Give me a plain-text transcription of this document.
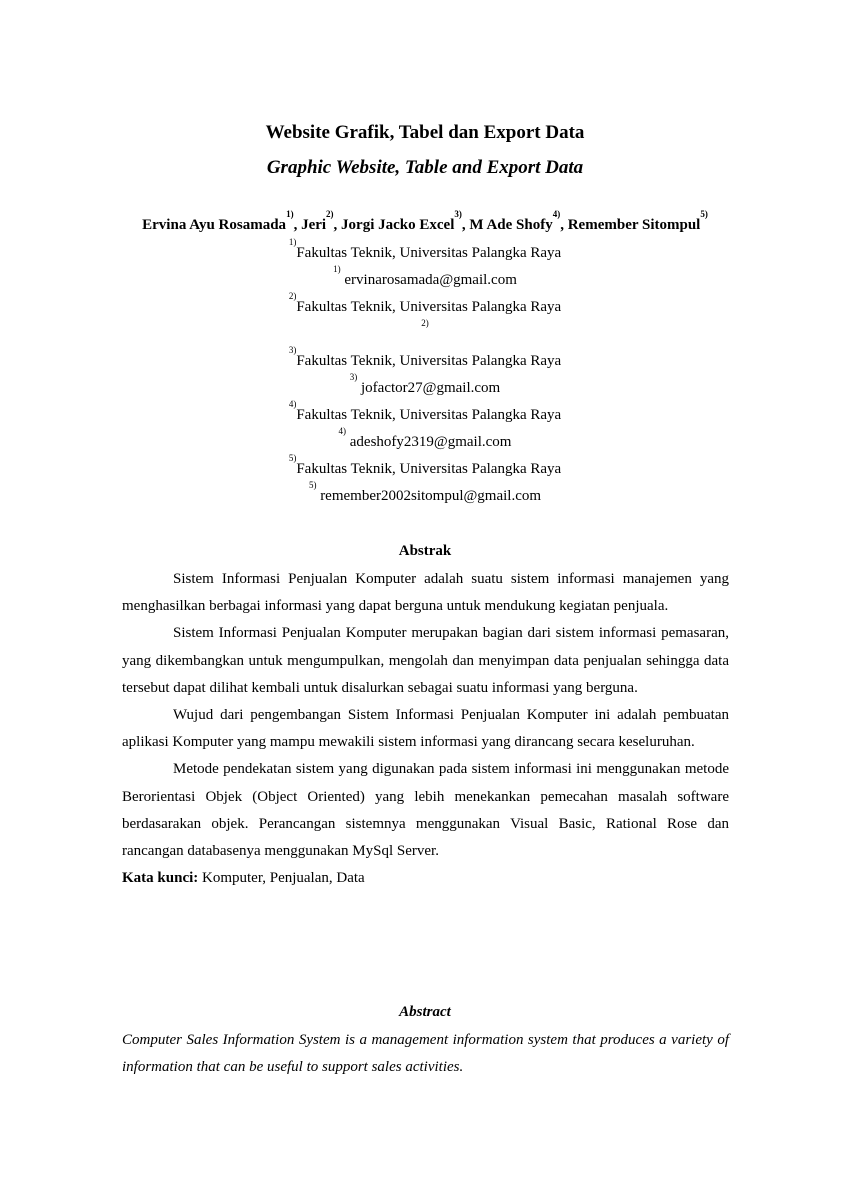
Website Grafik, Tabel dan Export Data
Graphic Website, Table and Export Data
Ervina Ayu Rosamada$^{1)}$, Jeri$^{2)}$, Jorgi Jacko Excel$^{3)}$, M Ade Shofy$^{4)}$, Remember Sitompul$^{5)}$
$^{1)}$Fakultas Teknik, Universitas Palangka Raya
$^{1)}$ ervinarosamada@gmail.com
$^{2)}$Fakultas Teknik, Universitas Palangka Raya
$^{2)}$
$^{3)}$Fakultas Teknik, Universitas Palangka Raya
$^{3)}$ jofactor27@gmail.com
$^{4)}$Fakultas Teknik, Universitas Palangka Raya
$^{4)}$ adeshofy2319@gmail.com
$^{5)}$Fakultas Teknik, Universitas Palangka Raya
$^{5)}$ remember2002sitompul@gmail.com
Abstrak

Sistem Informasi Penjualan Komputer adalah suatu sistem informasi manajemen yang menghasilkan berbagai informasi yang dapat berguna untuk mendukung kegiatan penjuala.

Sistem Informasi Penjualan Komputer merupakan bagian dari sistem informasi pemasaran, yang dikembangkan untuk mengumpulkan, mengolah dan menyimpan data penjualan sehingga data tersebut dapat dilihat kembali untuk disalurkan sebagai suatu informasi yang berguna.

Wujud dari pengembangan Sistem Informasi Penjualan Komputer ini adalah pembuatan aplikasi Komputer yang mampu mewakili sistem informasi yang dirancang secara keseluruhan.

Metode pendekatan sistem yang digunakan pada sistem informasi ini menggunakan metode Berorientasi Objek (Object Oriented) yang lebih menekankan pemecahan masalah software berdasarakan objek. Perancangan sistemnya menggunakan Visual Basic, Rational Rose dan rancangan databasenya menggunakan MySql Server.

Kata kunci: Komputer, Penjualan, Data

Abstract

Computer Sales Information System is a management information system that produces a variety of information that can be useful to support sales activities.
